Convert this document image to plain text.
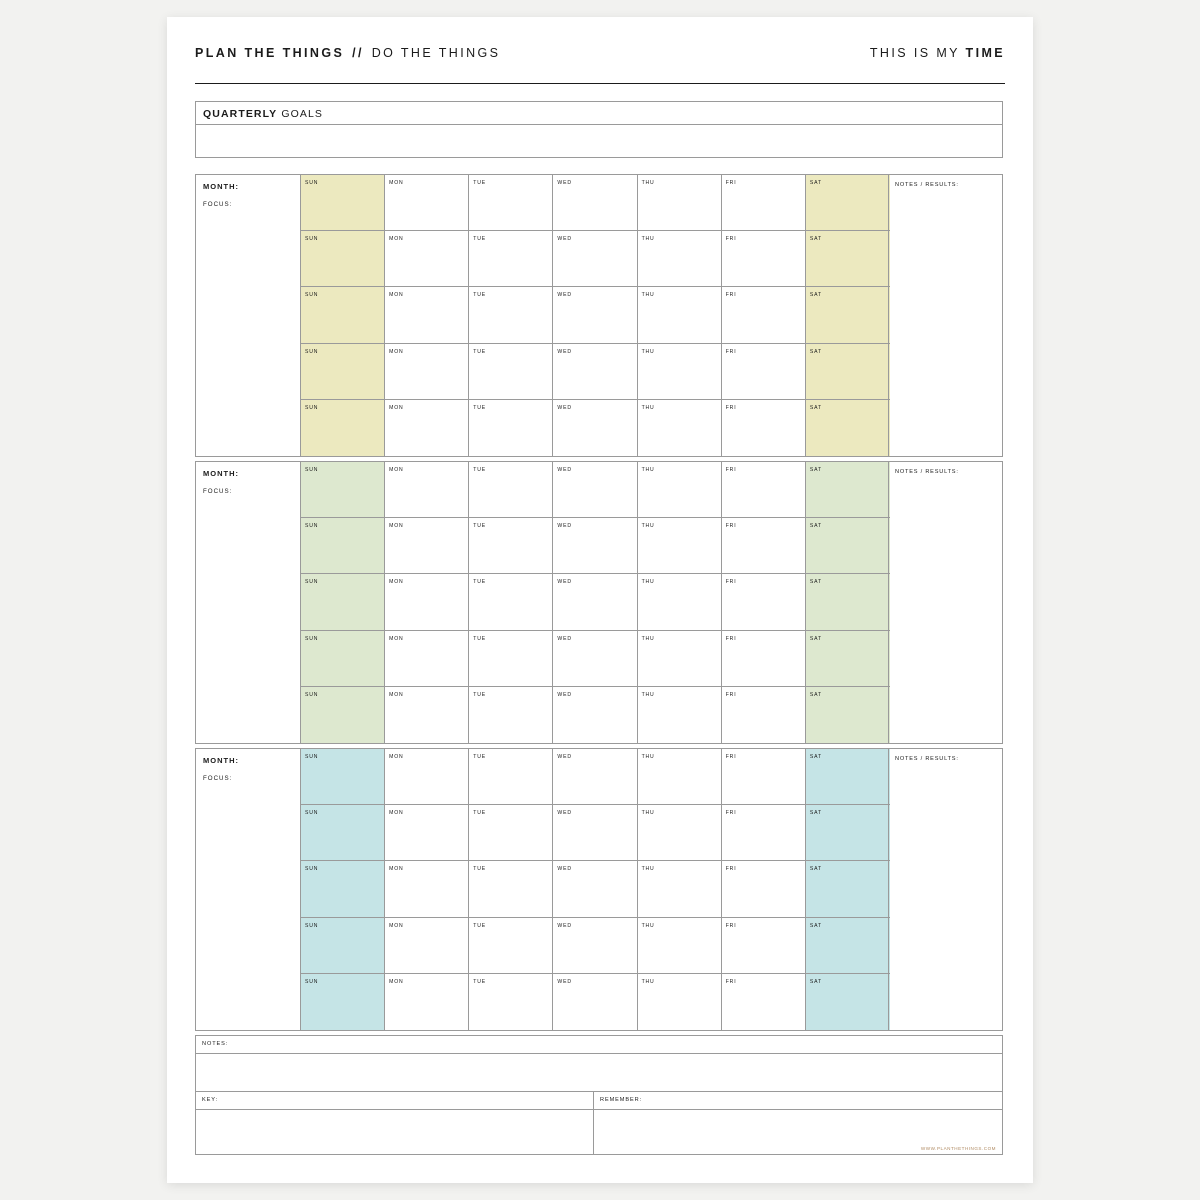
PLAN THE THINGS // DO THE THINGS	THIS IS MY TIME
QUARTERLY GOALS
MONTH:
FOCUS:
SUN	MON	TUE	WED	THU	FRI	SAT
SUN	MON	TUE	WED	THU	FRI	SAT
SUN	MON	TUE	WED	THU	FRI	SAT
SUN	MON	TUE	WED	THU	FRI	SAT
SUN	MON	TUE	WED	THU	FRI	SAT
NOTES / RESULTS:
MONTH:
FOCUS:
SUN	MON	TUE	WED	THU	FRI	SAT
SUN	MON	TUE	WED	THU	FRI	SAT
SUN	MON	TUE	WED	THU	FRI	SAT
SUN	MON	TUE	WED	THU	FRI	SAT
SUN	MON	TUE	WED	THU	FRI	SAT
NOTES / RESULTS:
MONTH:
FOCUS:
SUN	MON	TUE	WED	THU	FRI	SAT
SUN	MON	TUE	WED	THU	FRI	SAT
SUN	MON	TUE	WED	THU	FRI	SAT
SUN	MON	TUE	WED	THU	FRI	SAT
SUN	MON	TUE	WED	THU	FRI	SAT
NOTES / RESULTS:
NOTES:
KEY:	REMEMBER:
WWW.PLANTHETHINGS.COM
